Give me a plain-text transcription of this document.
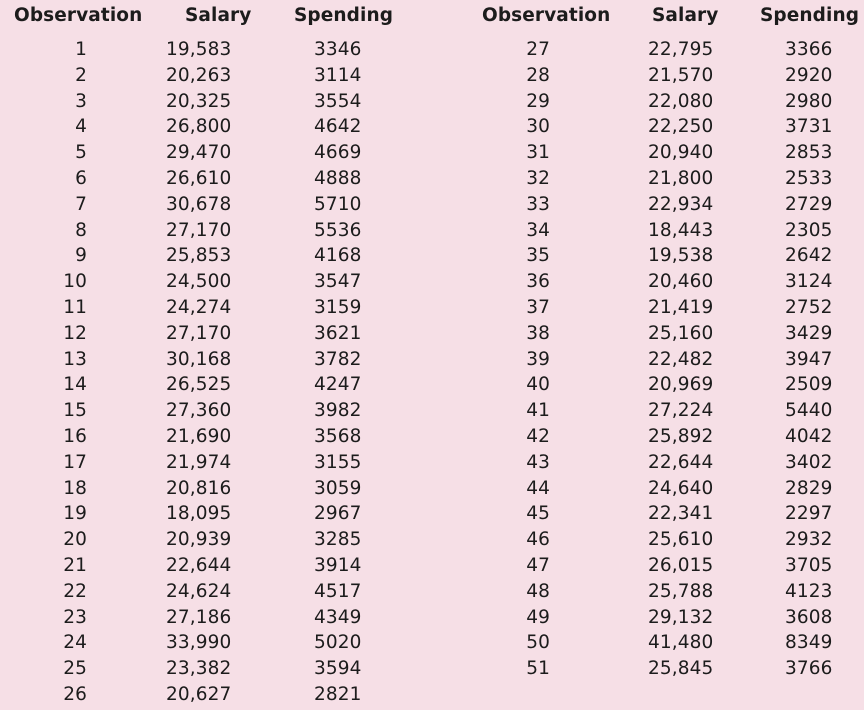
Observation Salary	Spending
1	19,583	3346
2	20,263	3114
3	20,325	3554
4	26,800	4642
5	29,470	4669
6	26,610	4888
7	30,678	5710
8	27,170	5536
9	25,853	4168
10	24,500	3547
11	24,274	3159
12	27,170	3621
13	30,168	3782
14	26,525	4247
15	27,360	3982
16	21,690	3568
17	21,974	3155
18	20,816	3059
19	18,095	2967
20	20,939	3285
21	22,644	3914
22	24,624	4517
23	27,186	4349
24	33,990	5020
25	23,382	3594
26	20,627	2821
Observation Salary	Spending
27	22,795	3366
28	21,570	2920
29	22,080	2980
30	22,250	3731
31	20,940	2853
32	21,800	2533
33	22,934	2729
34	18,443	2305
35	19,538	2642
36	20,460	3124
37	21,419	2752
38	25,160	3429
39	22,482	3947
40	20,969	2509
41	27,224	5440
42	25,892	4042
43	22,644	3402
44	24,640	2829
45	22,341	2297
46	25,610	2932
47	26,015	3705
48	25,788	4123
49	29,132	3608
50	41,480	8349
51	25,845	3766
